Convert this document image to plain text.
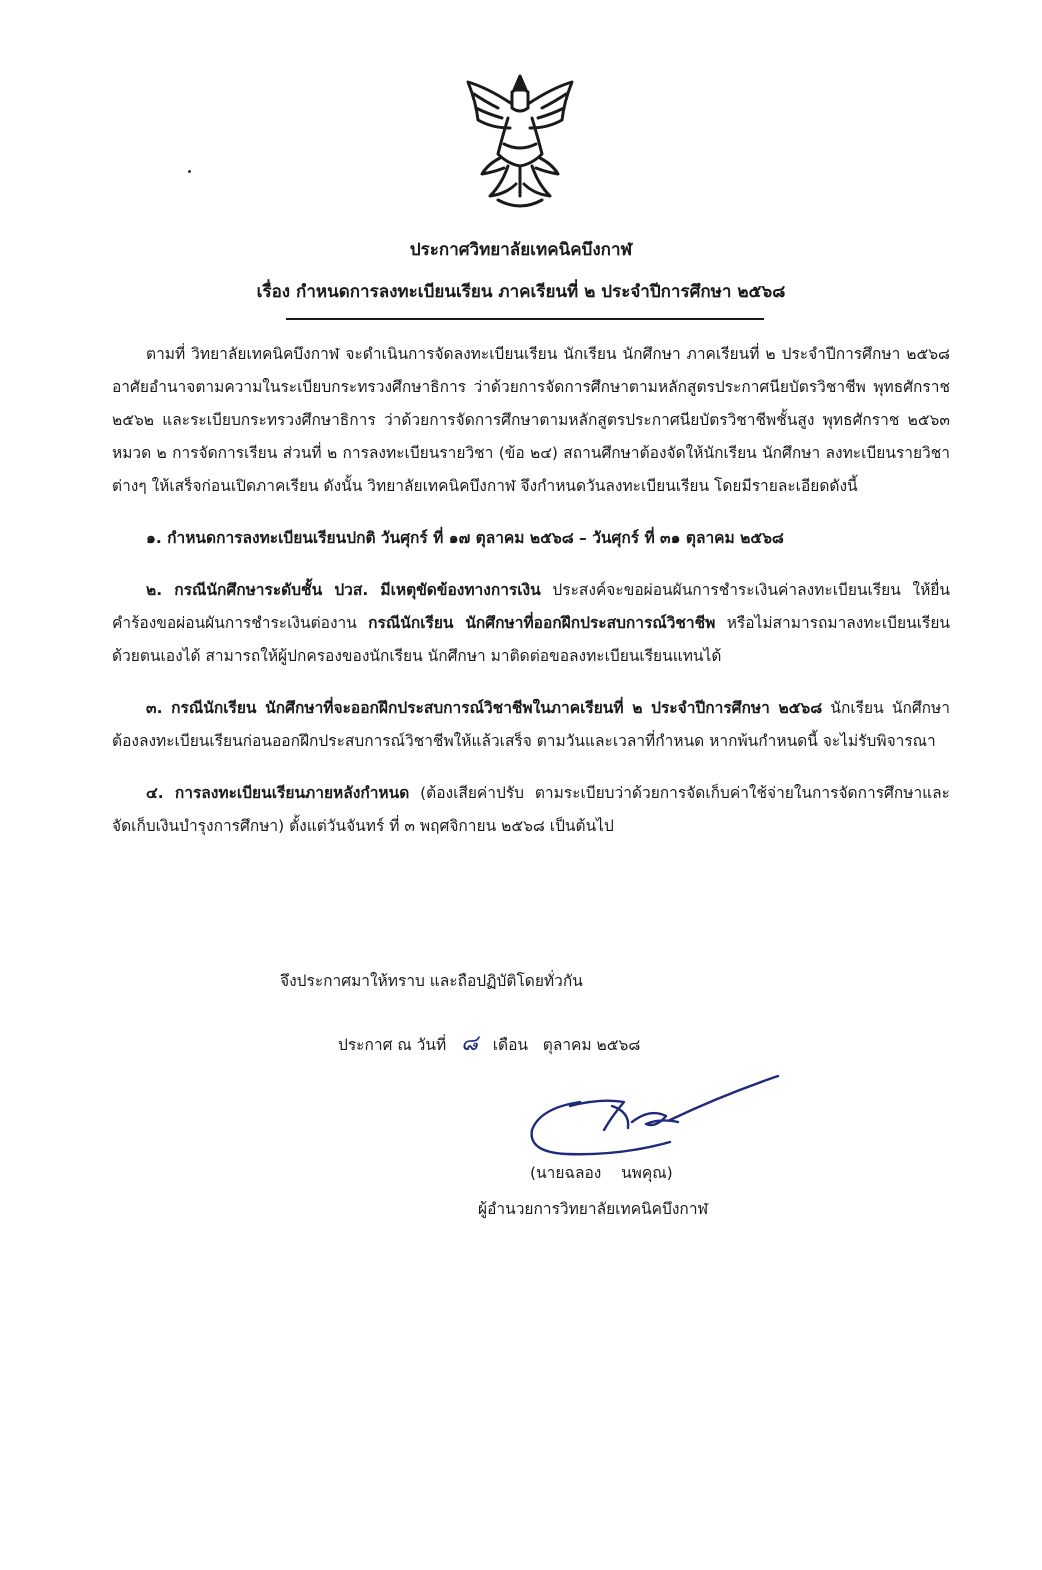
ประกาศวิทยาลัยเทคนิคบึงกาฬ
เรื่อง กำหนดการลงทะเบียนเรียน ภาคเรียนที่ ๒ ประจำปีการศึกษา ๒๕๖๘

ตามที่ วิทยาลัยเทคนิคบึงกาฬ จะดำเนินการจัดลงทะเบียนเรียน นักเรียน นักศึกษา ภาคเรียนที่ ๒ ประจำปีการศึกษา ๒๕๖๘ อาศัยอำนาจตามความในระเบียบกระทรวงศึกษาธิการ ว่าด้วยการจัดการศึกษาตามหลักสูตรประกาศนียบัตรวิชาชีพ พุทธศักราช ๒๕๖๒ และระเบียบกระทรวงศึกษาธิการ ว่าด้วยการจัดการศึกษาตามหลักสูตรประกาศนียบัตรวิชาชีพชั้นสูง พุทธศักราช ๒๕๖๓ หมวด ๒ การจัดการเรียน ส่วนที่ ๒ การลงทะเบียนรายวิชา (ข้อ ๒๔) สถานศึกษาต้องจัดให้นักเรียน นักศึกษา ลงทะเบียนรายวิชาต่างๆ ให้เสร็จก่อนเปิดภาคเรียน ดังนั้น วิทยาลัยเทคนิคบึงกาฬ จึงกำหนดวันลงทะเบียนเรียน โดยมีรายละเอียดดังนี้

๑. กำหนดการลงทะเบียนเรียนปกติ วันศุกร์ ที่ ๑๗ ตุลาคม ๒๕๖๘ – วันศุกร์ ที่ ๓๑ ตุลาคม ๒๕๖๘

๒. กรณีนักศึกษาระดับชั้น ปวส. มีเหตุขัดข้องทางการเงิน ประสงค์จะขอผ่อนผันการชำระเงินค่าลงทะเบียนเรียน ให้ยื่นคำร้องขอผ่อนผันการชำระเงินต่องาน กรณีนักเรียน นักศึกษาที่ออกฝึกประสบการณ์วิชาชีพ หรือไม่สามารถมาลงทะเบียนเรียนด้วยตนเองได้ สามารถให้ผู้ปกครองของนักเรียน นักศึกษา มาติดต่อขอลงทะเบียนเรียนแทนได้

๓. กรณีนักเรียน นักศึกษาที่จะออกฝึกประสบการณ์วิชาชีพในภาคเรียนที่ ๒ ประจำปีการศึกษา ๒๕๖๘ นักเรียน นักศึกษาต้องลงทะเบียนเรียนก่อนออกฝึกประสบการณ์วิชาชีพให้แล้วเสร็จ ตามวันและเวลาที่กำหนด หากพ้นกำหนดนี้ จะไม่รับพิจารณา

๔. การลงทะเบียนเรียนภายหลังกำหนด (ต้องเสียค่าปรับ ตามระเบียบว่าด้วยการจัดเก็บค่าใช้จ่ายในการจัดการศึกษาและจัดเก็บเงินบำรุงการศึกษา) ตั้งแต่วันจันทร์ ที่ ๓ พฤศจิกายน ๒๕๖๘ เป็นต้นไป

จึงประกาศมาให้ทราบ และถือปฏิบัติโดยทั่วกัน
ประกาศ ณ วันที่ ๘ เดือน ตุลาคม ๒๕๖๘
(นายฉลอง    นพคุณ)
ผู้อำนวยการวิทยาลัยเทคนิคบึงกาฬ
